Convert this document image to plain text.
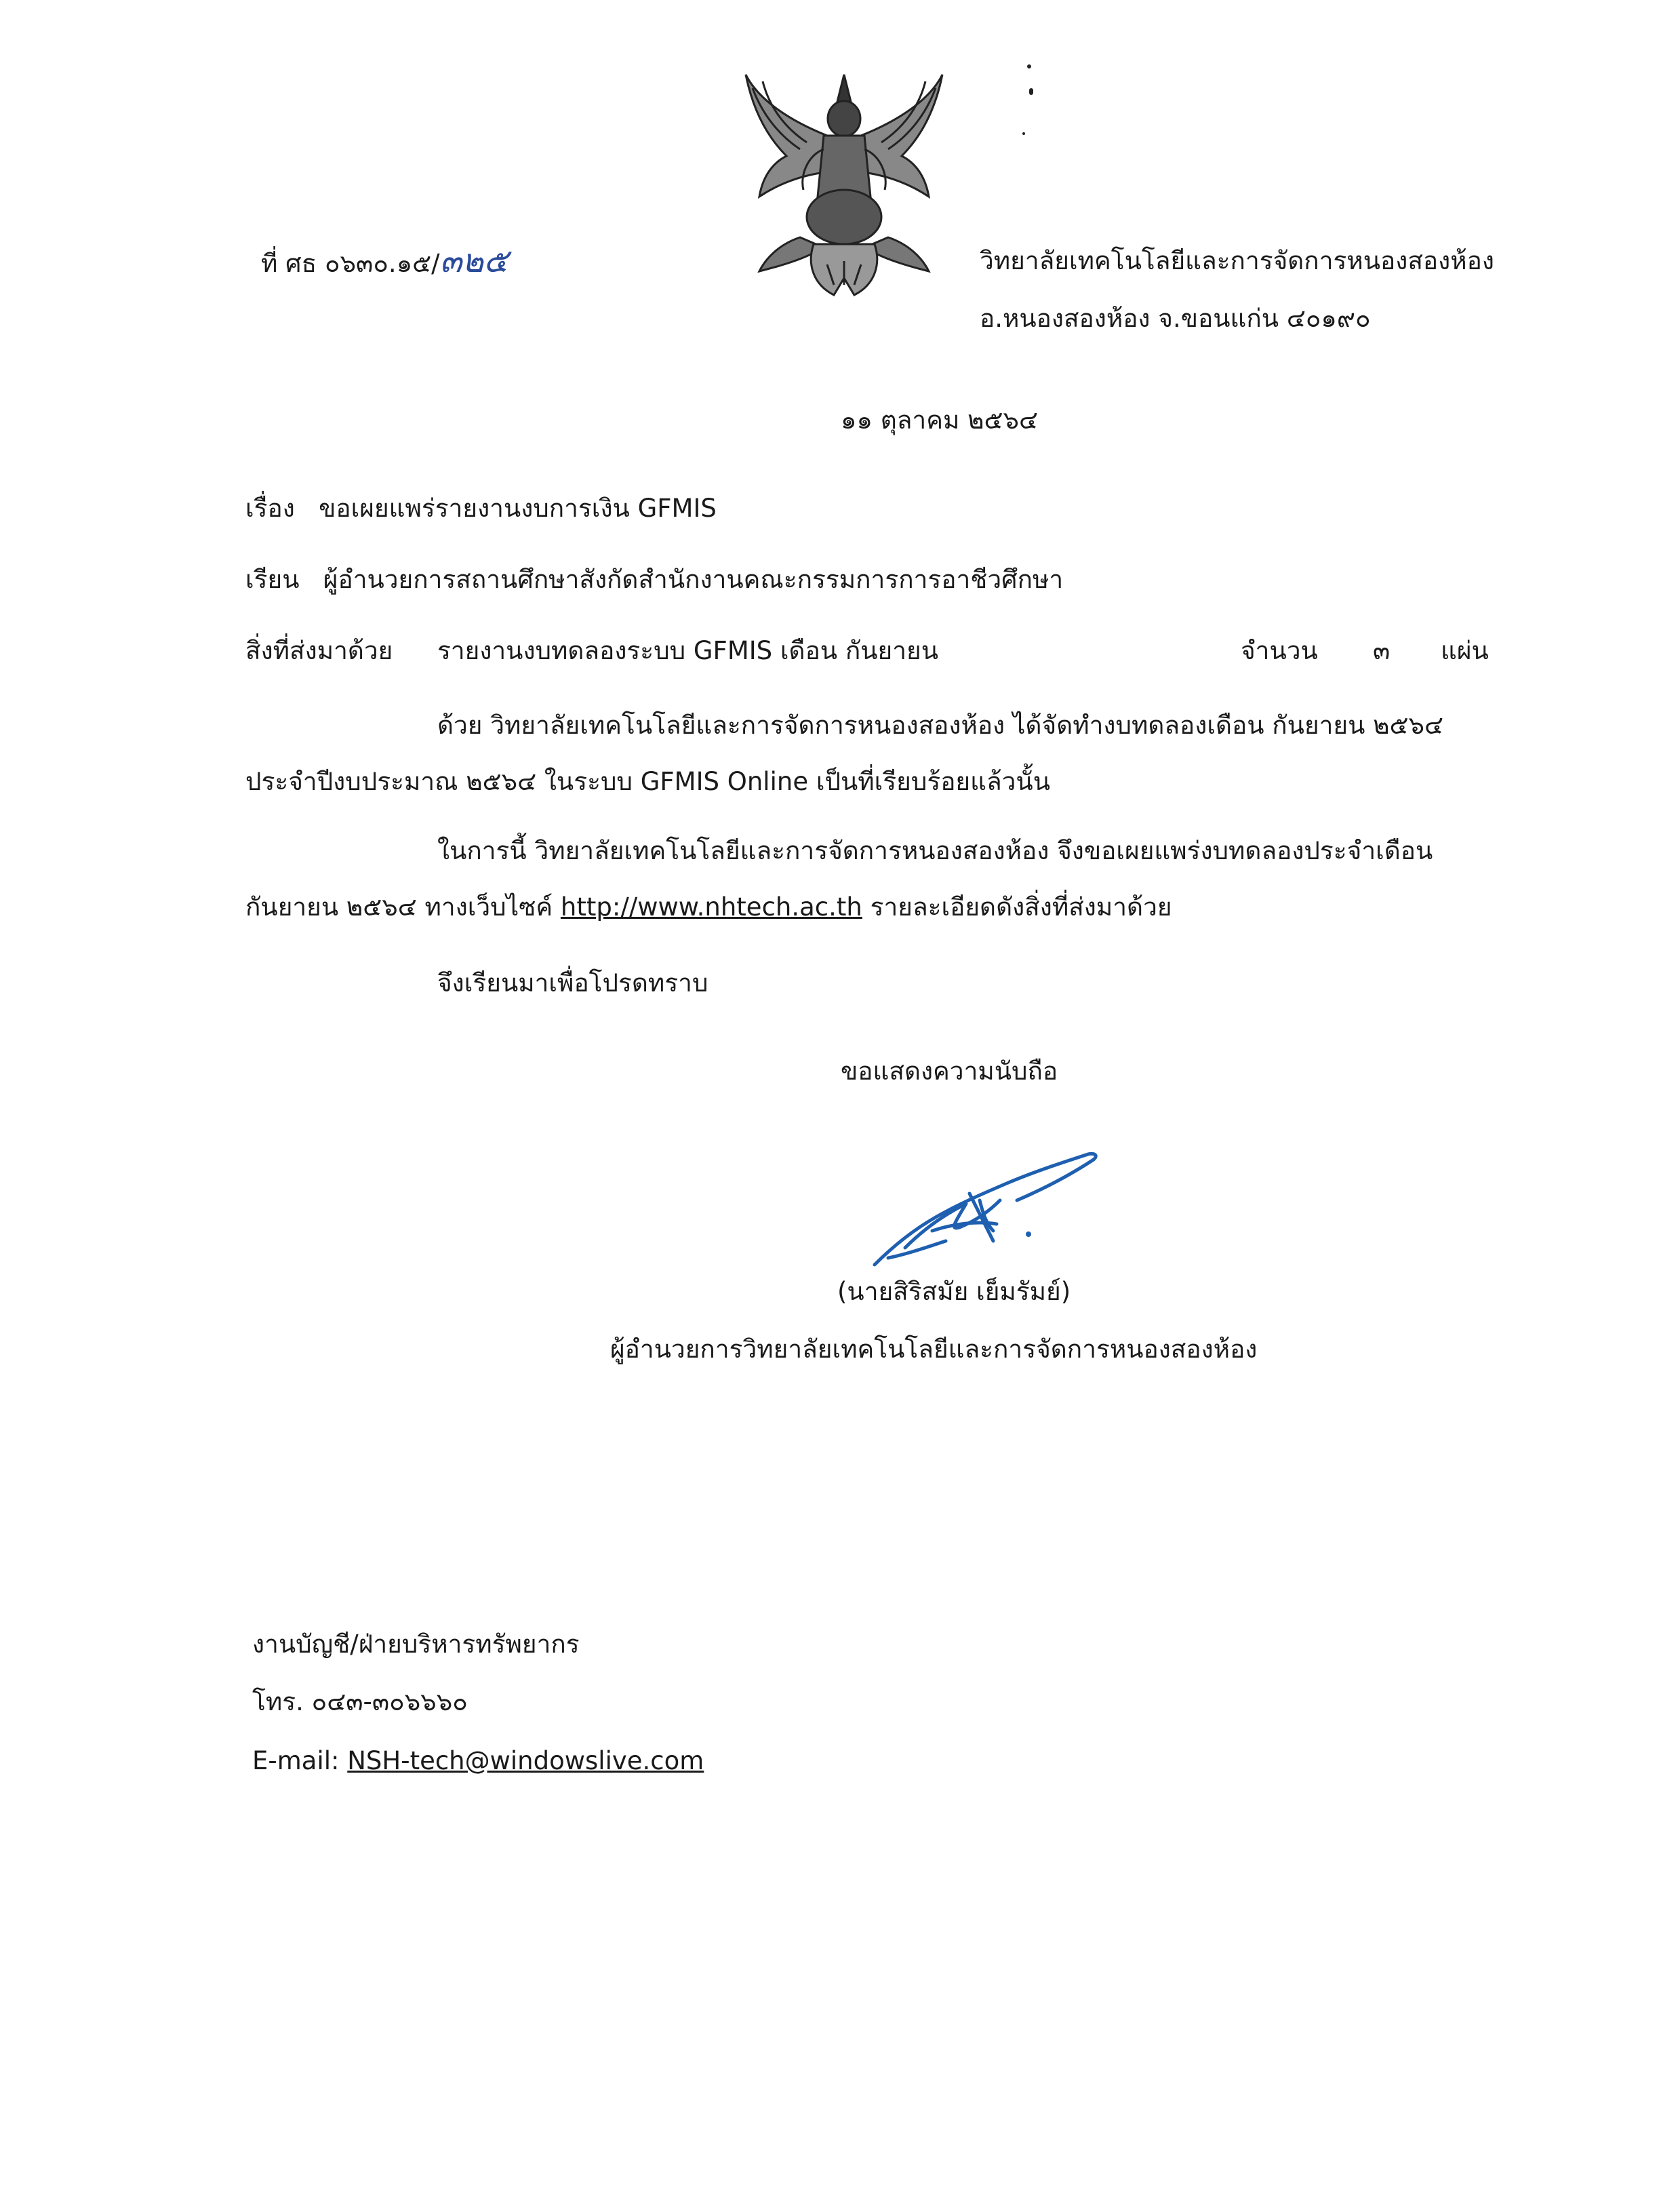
ที่ ศธ ๐๖๓๐.๑๕/๓๒๕	วิทยาลัยเทคโนโลยีและการจัดการหนองสองห้อง
อ.หนองสองห้อง จ.ขอนแก่น ๔๐๑๙๐
๑๑ ตุลาคม ๒๕๖๔
เรื่อง ขอเผยแพร่รายงานงบการเงิน GFMIS
เรียน ผู้อำนวยการสถานศึกษาสังกัดสำนักงานคณะกรรมการการอาชีวศึกษา
สิ่งที่ส่งมาด้วย รายงานงบทดลองระบบ GFMIS เดือน กันยายน	จำนวน ๓ แผ่น
ด้วย วิทยาลัยเทคโนโลยีและการจัดการหนองสองห้อง ได้จัดทำงบทดลองเดือน กันยายน ๒๕๖๔
ประจำปีงบประมาณ ๒๕๖๔ ในระบบ GFMIS Online เป็นที่เรียบร้อยแล้วนั้น
ในการนี้ วิทยาลัยเทคโนโลยีและการจัดการหนองสองห้อง จึงขอเผยแพร่งบทดลองประจำเดือน
กันยายน ๒๕๖๔ ทางเว็บไซค์ http://www.nhtech.ac.th รายละเอียดดังสิ่งที่ส่งมาด้วย
จึงเรียนมาเพื่อโปรดทราบ
ขอแสดงความนับถือ
(นายสิริสมัย เย็มรัมย์)
ผู้อำนวยการวิทยาลัยเทคโนโลยีและการจัดการหนองสองห้อง
งานบัญชี/ฝ่ายบริหารทรัพยากร
โทร. ๐๔๓-๓๐๖๖๖๐
E-mail: NSH-tech@windowslive.com
